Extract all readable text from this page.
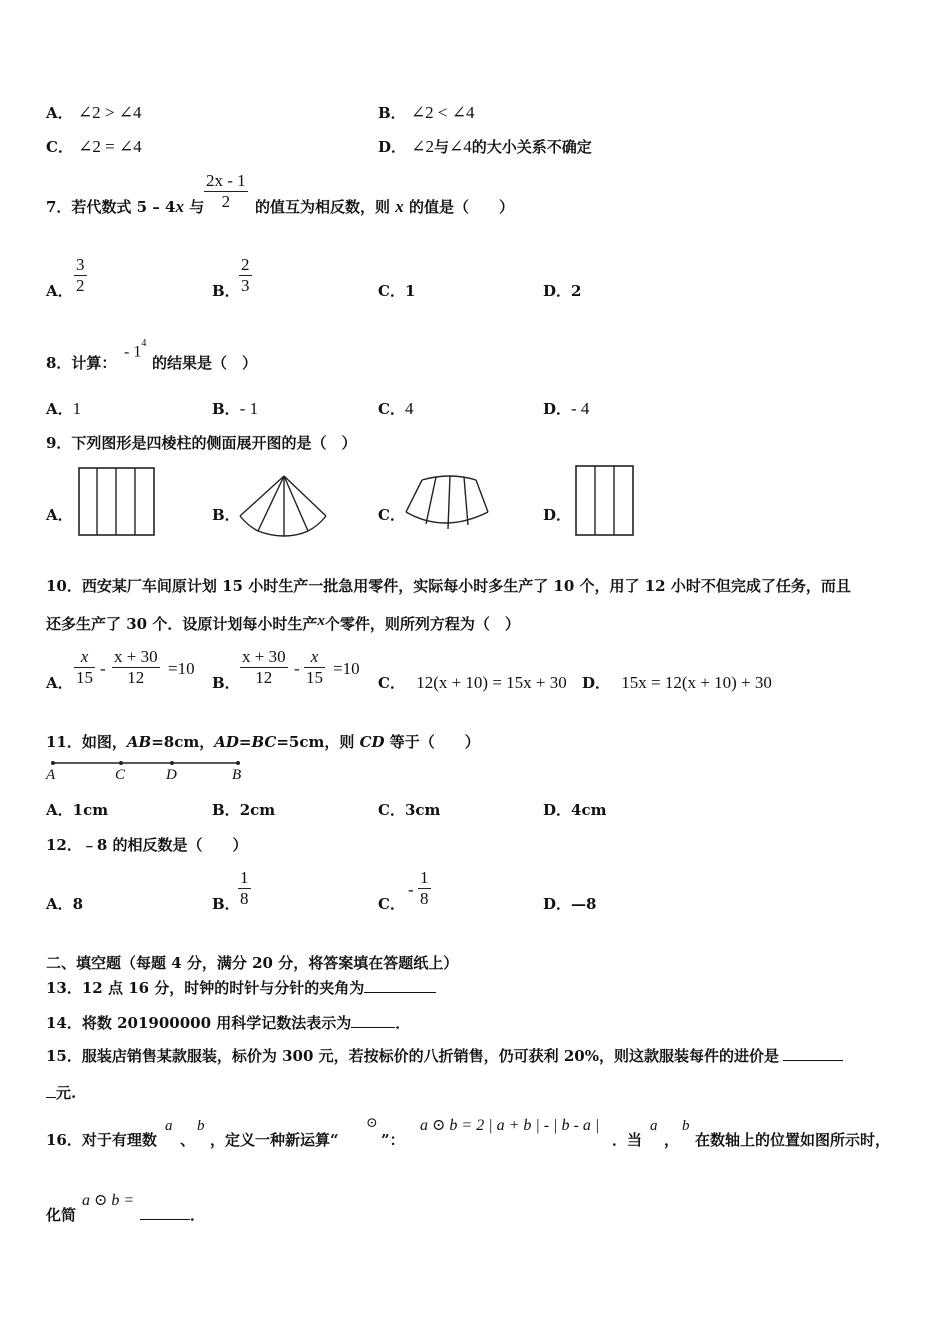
A． ∠2 > ∠4	B． ∠2 < ∠4
C． ∠2 = ∠4	D． ∠2与∠4的大小关系不确定
7．若代数式 5 – 4x 与 $\frac{2x - 1}{2}$ 的值互为相反数，则 x 的值是（　　）
A． $\frac{3}{2}$	B． $\frac{2}{3}$	C．1	D．2
8．计算：
- $1^4$
的结果是（　）
A．1	B．- 1	C．4	D．- 4
9．下列图形是四棱柱的侧面展开图的是（　）
A．	B．	C．	D．
10．西安某厂车间原计划 15 小时生产一批急用零件，实际每小时多生产了 10 个，用了 12 小时不但完成了任务，而且
还多生产了 30 个．设原计划每小时生产x个零件，则所列方程为（　）
A． $\frac{x}{15} - \frac{x + 30}{12} =10$
B． $\frac{x + 30}{12} - \frac{x}{15} =10$
C． 12(x + 10) = 15x + 30 D． 15x = 12(x + 10) + 30
11．如图，AB=8cm，AD=BC=5cm，则 CD 等于（　　）
A	C	D	B
A．1cm	B．2cm	C．3cm	D．4cm
12．﹣8 的相反数是（　　）
A．8	B．
$\frac{1}{8}$	C．
- $\frac{1}{8}$	D．—8
二、填空题（每题 4 分，满分 20 分，将答案填在答题纸上）
13．12 点 16 分，时钟的时针与分针的夹角为
14．将数 201900000 用科学记数法表示为	．
15．服装店销售某款服装，标价为 300 元，若按标价的八折销售，仍可获利 20%，则这款服装每件的进价是
元.
16．对于有理数
a
、
b
，定义一种新运算“
⊙
”：
a ⊙ b = 2 | a + b | - | b - a |
．当
a
，
b
在数轴上的位置如图所示时，
化简
a ⊙ b =
．
